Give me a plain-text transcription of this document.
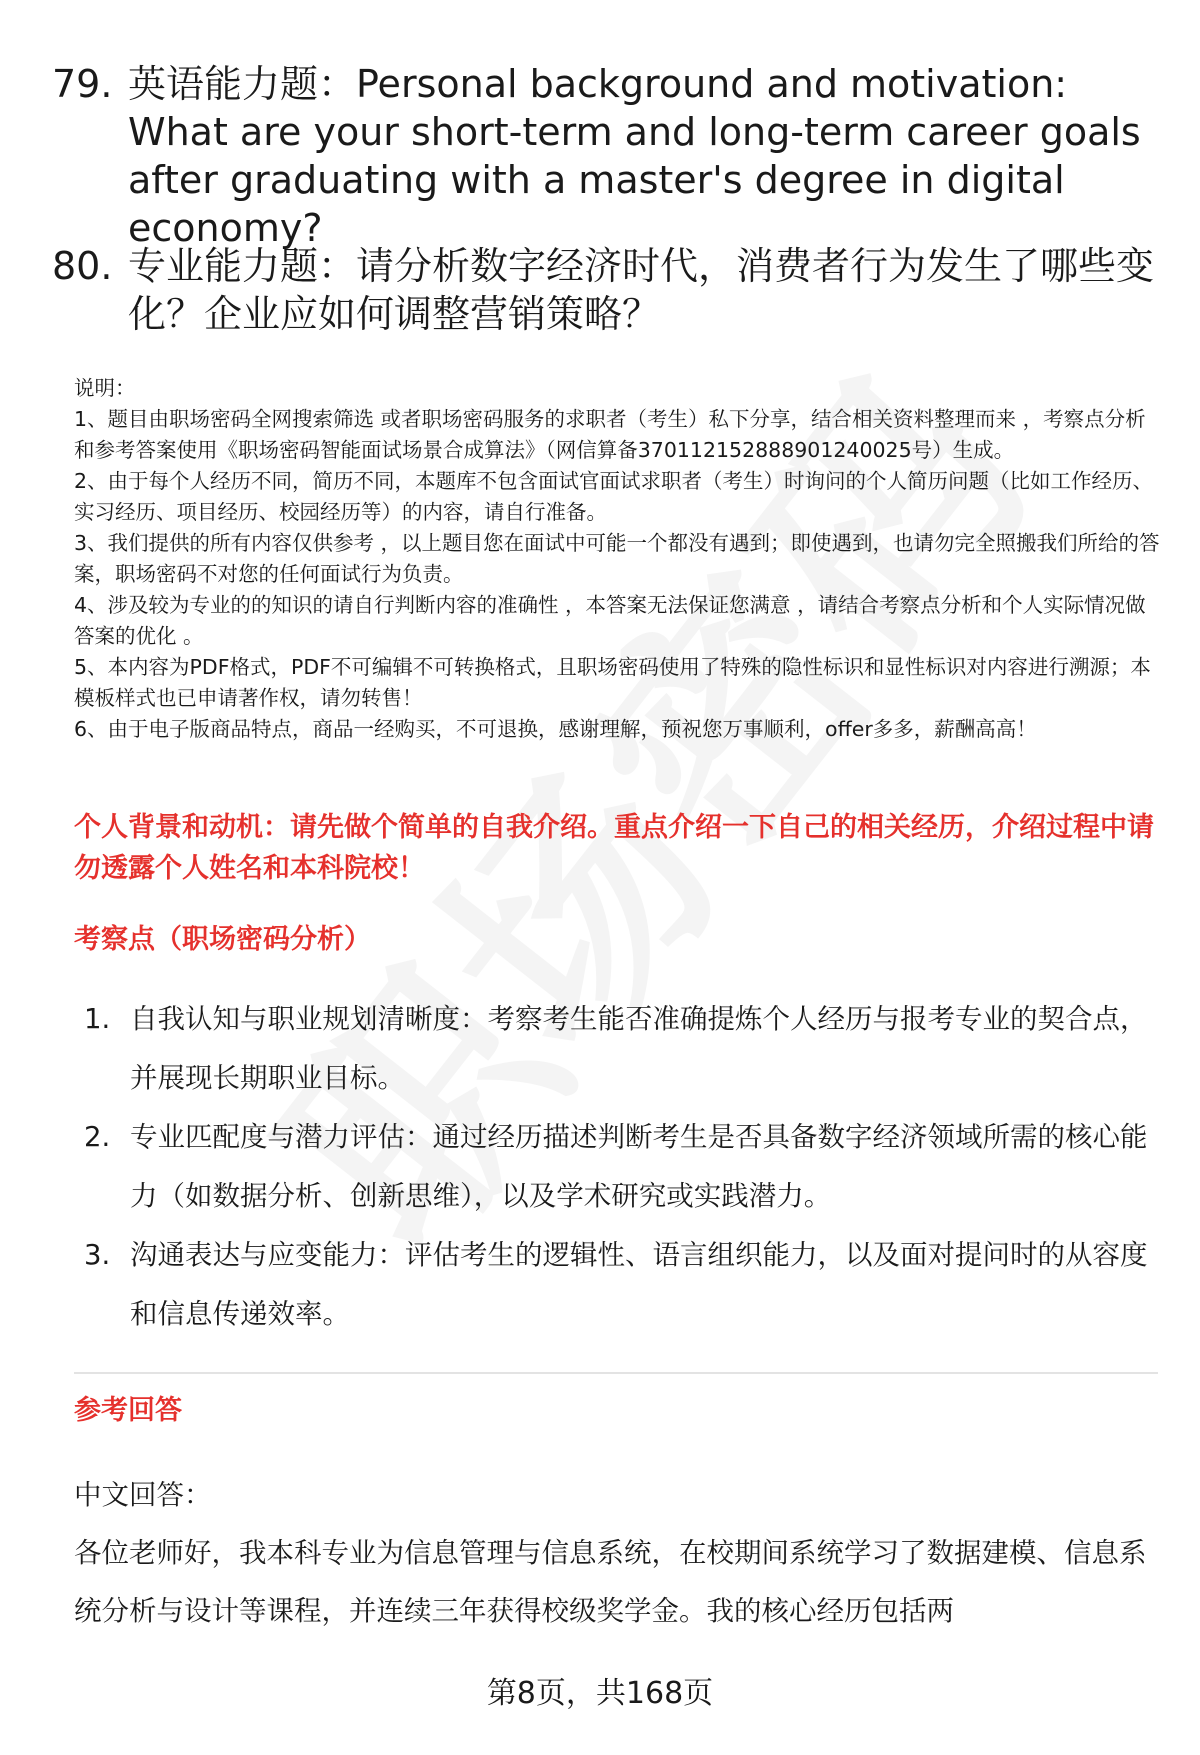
79. 英语能力题：Personal background and motivation: What are your short-term and long-term career goals after graduating with a master's degree in digital economy?
80. 专业能力题：请分析数字经济时代，消费者行为发生了哪些变化？企业应如何调整营销策略？

说明：

1、题目由职场密码全网搜索筛选 或者职场密码服务的求职者（考生）私下分享，结合相关资料整理而来 ，考察点分析和参考答案使用《职场密码智能面试场景合成算法》（网信算备370112152888901240025号）生成。

2、由于每个人经历不同，简历不同，本题库不包含面试官面试求职者（考生）时询问的个人简历问题（比如工作经历、实习经历、项目经历、校园经历等）的内容，请自行准备。

3、我们提供的所有内容仅供参考 ，以上题目您在面试中可能一个都没有遇到；即使遇到，也请勿完全照搬我们所给的答案，职场密码不对您的任何面试行为负责。

4、涉及较为专业的的知识的请自行判断内容的准确性 ，本答案无法保证您满意 ，请结合考察点分析和个人实际情况做答案的优化 。

5、本内容为PDF格式，PDF不可编辑不可转换格式，且职场密码使用了特殊的隐性标识和显性标识对内容进行溯源；本模板样式也已申请著作权，请勿转售！

6、由于电子版商品特点，商品一经购买，不可退换，感谢理解，预祝您万事顺利，offer多多，薪酬高高！

个人背景和动机：请先做个简单的自我介绍。重点介绍一下自己的相关经历，介绍过程中请勿透露个人姓名和本科院校！
考察点（职场密码分析）
1. 自我认知与职业规划清晰度：考察考生能否准确提炼个人经历与报考专业的契合点，并展现长期职业目标。
2. 专业匹配度与潜力评估：通过经历描述判断考生是否具备数字经济领域所需的核心能力（如数据分析、创新思维），以及学术研究或实践潜力。
3. 沟通表达与应变能力：评估考生的逻辑性、语言组织能力，以及面对提问时的从容度和信息传递效率。
参考回答

中文回答：

各位老师好，我本科专业为信息管理与信息系统，在校期间系统学习了数据建模、信息系统分析与设计等课程，并连续三年获得校级奖学金。我的核心经历包括两

第8页，共168页
